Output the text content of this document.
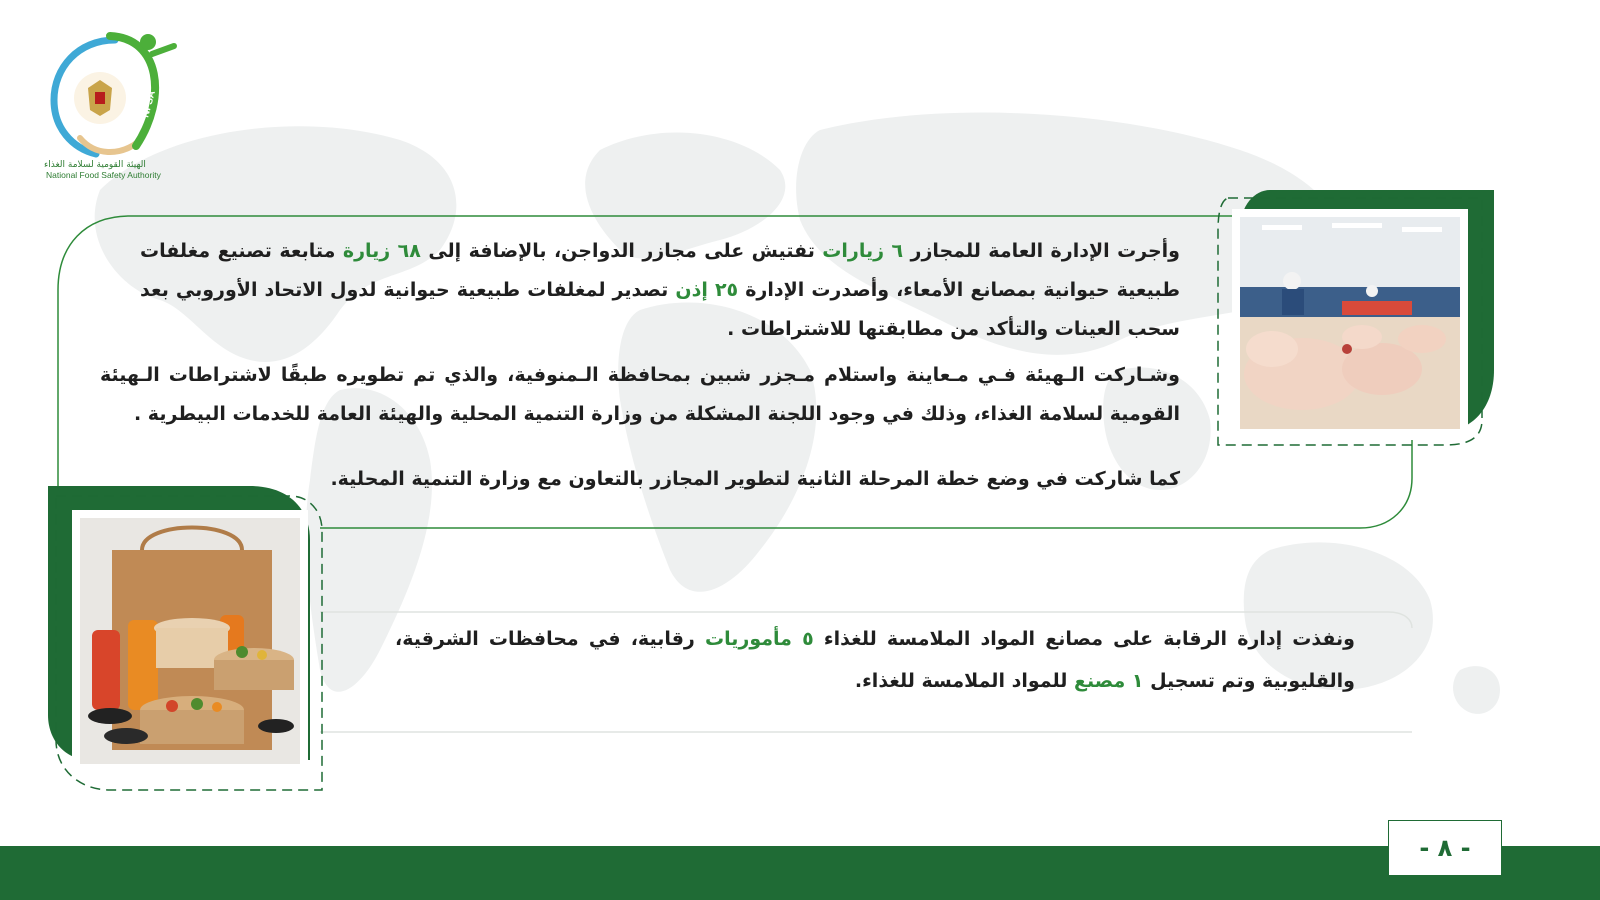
NFSA
الهيئة القومية لسلامة الغذاء
National Food Safety Authority
وأجرت الإدارة العامة للمجازر ٦ زيارات تفتيش على مجازر الدواجن، بالإضافة إلى ٦٨ زيارة متابعة تصنيع مغلفات طبيعية حيوانية بمصانع الأمعاء، وأصدرت الإدارة ٢٥ إذن تصدير لمغلفات طبيعية حيوانية لدول الاتحاد الأوروبي بعد سحب العينات والتأكد من مطابقتها للاشتراطات .
وشـاركت الـهيئة فـي مـعاينة واستلام مـجزر شبين بمحافظة الـمنوفية، والذي تم تطويره طبقًا لاشتراطات الـهيئة القومية لسلامة الغذاء، وذلك في وجود اللجنة المشكلة من وزارة التنمية المحلية والهيئة العامة للخدمات البيطرية .
كما شاركت في وضع خطة المرحلة الثانية لتطوير المجازر بالتعاون مع وزارة التنمية المحلية.
ونفذت إدارة الرقابة على مصانع المواد الملامسة للغذاء ٥ مأموريات رقابية، في محافظات الشرقية، والقليوبية وتم تسجيل ١ مصنع للمواد الملامسة للغذاء.
- ٨ -
